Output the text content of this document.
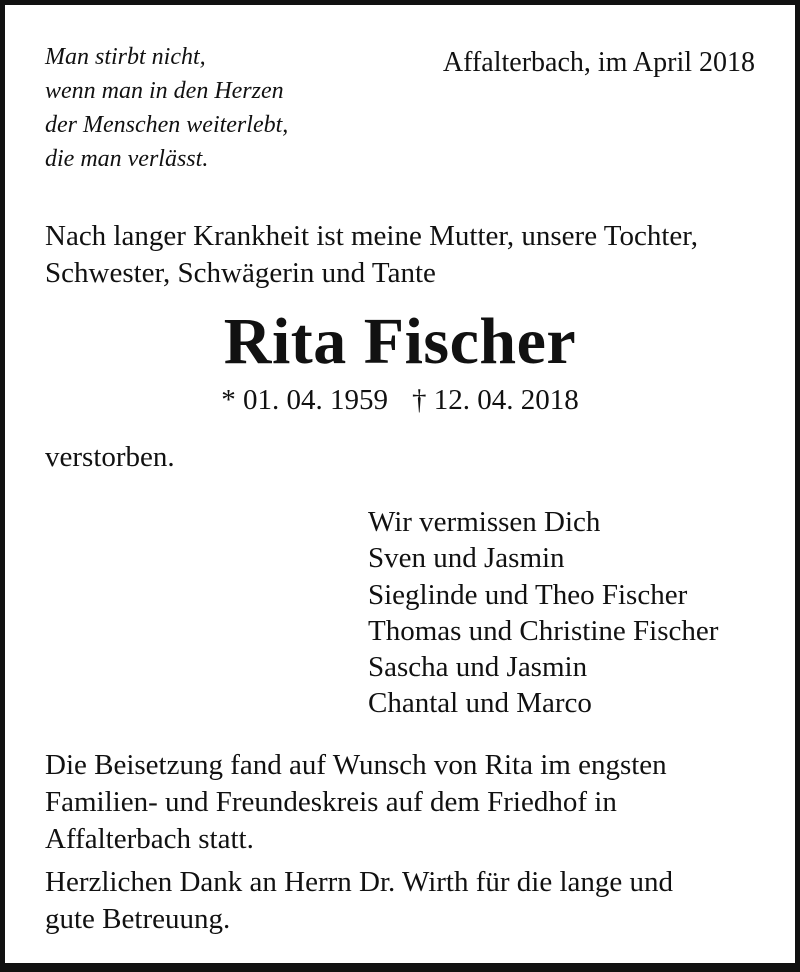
Man stirbt nicht,
wenn man in den Herzen
der Menschen weiterlebt,
die man verlässt.
Affalterbach, im April 2018
Nach langer Krankheit ist meine Mutter, unsere Tochter,
Schwester, Schwägerin und Tante
Rita Fischer
* 01. 04. 1959 † 12. 04. 2018
verstorben.
Wir vermissen Dich
Sven und Jasmin
Sieglinde und Theo Fischer
Thomas und Christine Fischer
Sascha und Jasmin
Chantal und Marco
Die Beisetzung fand auf Wunsch von Rita im engsten
Familien- und Freundeskreis auf dem Friedhof in
Affalterbach statt.
Herzlichen Dank an Herrn Dr. Wirth für die lange und
gute Betreuung.
